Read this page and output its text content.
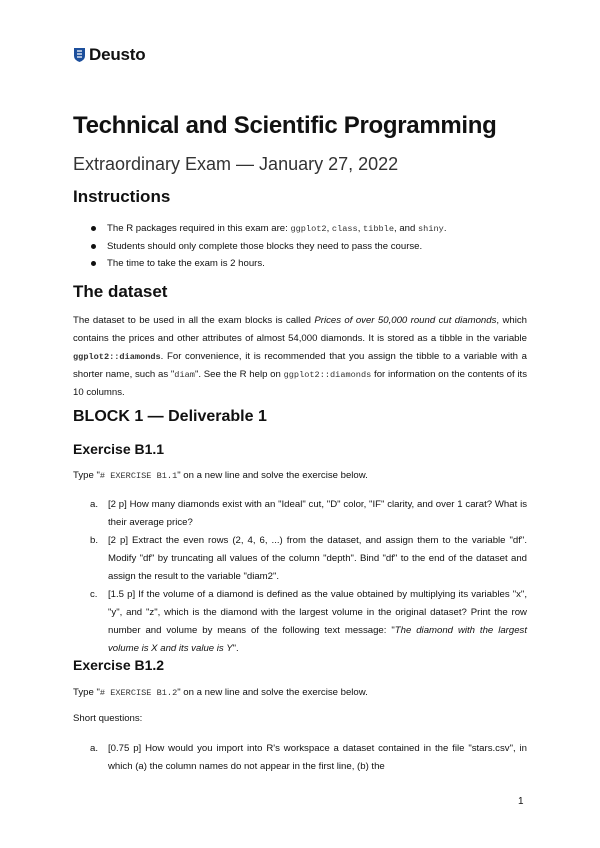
Deusto
Technical and Scientific Programming
Extraordinary Exam — January 27, 2022
Instructions
The R packages required in this exam are: ggplot2, class, tibble, and shiny.
Students should only complete those blocks they need to pass the course.
The time to take the exam is 2 hours.
The dataset
The dataset to be used in all the exam blocks is called Prices of over 50,000 round cut diamonds, which contains the prices and other attributes of almost 54,000 diamonds. It is stored as a tibble in the variable ggplot2::diamonds. For convenience, it is recommended that you assign the tibble to a variable with a shorter name, such as "diam". See the R help on ggplot2::diamonds for information on the contents of its 10 columns.
BLOCK 1 — Deliverable 1
Exercise B1.1
Type "# EXERCISE B1.1" on a new line and solve the exercise below.
a. [2 p] How many diamonds exist with an "Ideal" cut, "D" color, "IF" clarity, and over 1 carat? What is their average price?
b. [2 p] Extract the even rows (2, 4, 6, ...) from the dataset, and assign them to the variable "df". Modify "df" by truncating all values of the column "depth". Bind "df" to the end of the dataset and assign the result to the variable "diam2".
c. [1.5 p] If the volume of a diamond is defined as the value obtained by multiplying its variables "x", "y", and "z", which is the diamond with the largest volume in the original dataset? Print the row number and volume by means of the following text message: "The diamond with the largest volume is X and its value is Y".
Exercise B1.2
Type "# EXERCISE B1.2" on a new line and solve the exercise below.
Short questions:
a. [0.75 p] How would you import into R's workspace a dataset contained in the file "stars.csv", in which (a) the column names do not appear in the first line, (b) the
1
